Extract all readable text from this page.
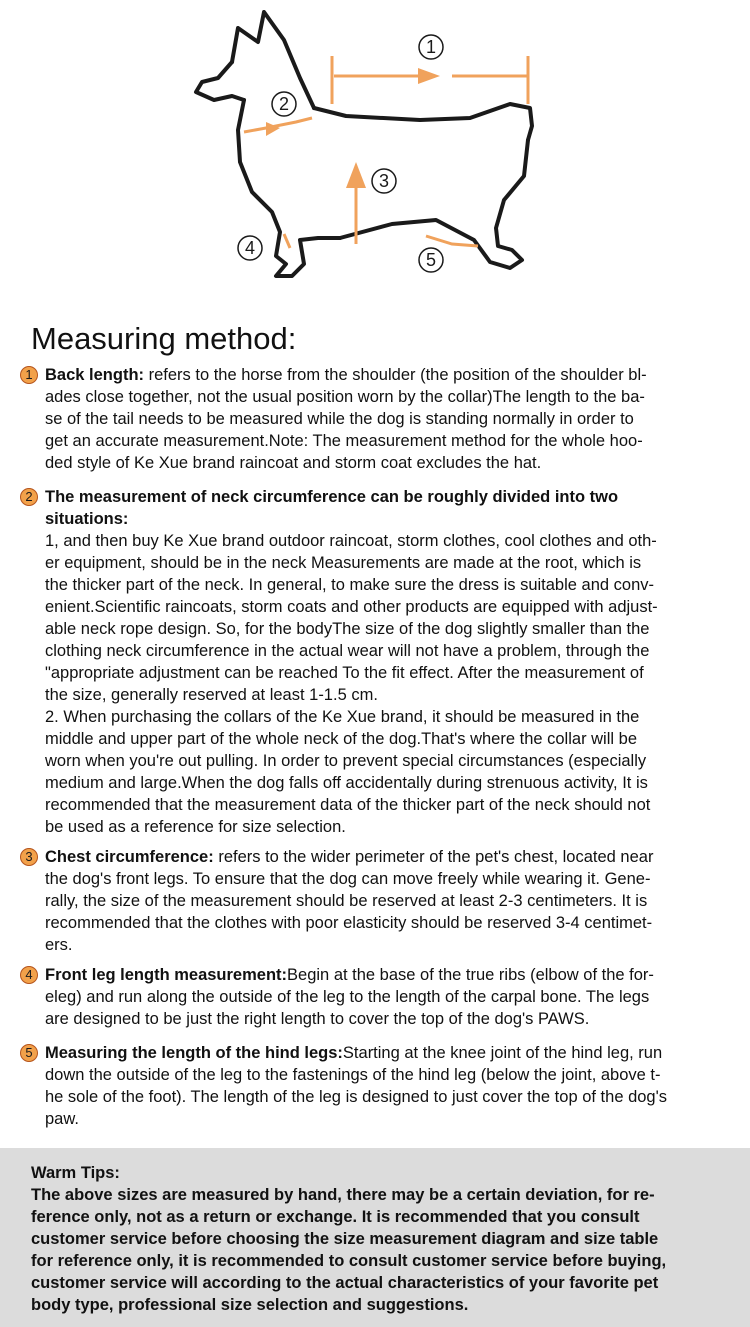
1
2
3
4
5
Measuring method:
1 Back length: refers to the horse from the shoulder (the position of the shoulder bl-
ades close together, not the usual position worn by the collar)The length to the ba-
se of the tail needs to be measured while the dog is standing normally in order to
get an accurate measurement.Note: The measurement method for the whole hoo-
ded style of Ke Xue brand raincoat and storm coat excludes the hat.

2 The measurement of neck circumference can be roughly divided into two
situations:
1, and then buy Ke Xue brand outdoor raincoat, storm clothes, cool clothes and oth-
er equipment, should be in the neck Measurements are made at the root, which is
the thicker part of the neck. In general, to make sure the dress is suitable and conv-
enient.Scientific raincoats, storm coats and other products are equipped with adjust-
able neck rope design. So, for the bodyThe size of the dog slightly smaller than the
clothing neck circumference in the actual wear will not have a problem, through the
"appropriate adjustment can be reached To the fit effect. After the measurement of
the size, generally reserved at least 1-1.5 cm.
2. When purchasing the collars of the Ke Xue brand, it should be measured in the
middle and upper part of the whole neck of the dog.That's where the collar will be
worn when you're out pulling. In order to prevent special circumstances (especially
medium and large.When the dog falls off accidentally during strenuous activity, It is
recommended that the measurement data of the thicker part of the neck should not
be used as a reference for size selection.

3 Chest circumference: refers to the wider perimeter of the pet's chest, located near
the dog's front legs. To ensure that the dog can move freely while wearing it. Gene-
rally, the size of the measurement should be reserved at least 2-3 centimeters. It is
recommended that the clothes with poor elasticity should be reserved 3-4 centimet-
ers.

4 Front leg length measurement:Begin at the base of the true ribs (elbow of the for-
eleg) and run along the outside of the leg to the length of the carpal bone. The legs
are designed to be just the right length to cover the top of the dog's PAWS.

5 Measuring the length of the hind legs:Starting at the knee joint of the hind leg, run
down the outside of the leg to the fastenings of the hind leg (below the joint, above t-
he sole of the foot). The length of the leg is designed to just cover the top of the dog's
paw.

Warm Tips:

The above sizes are measured by hand, there may be a certain deviation, for re-
ference only, not as a return or exchange. It is recommended that you consult
customer service before choosing the size measurement diagram and size table
for reference only, it is recommended to consult customer service before buying,
customer service will according to the actual characteristics of your favorite pet
body type, professional size selection and suggestions.
